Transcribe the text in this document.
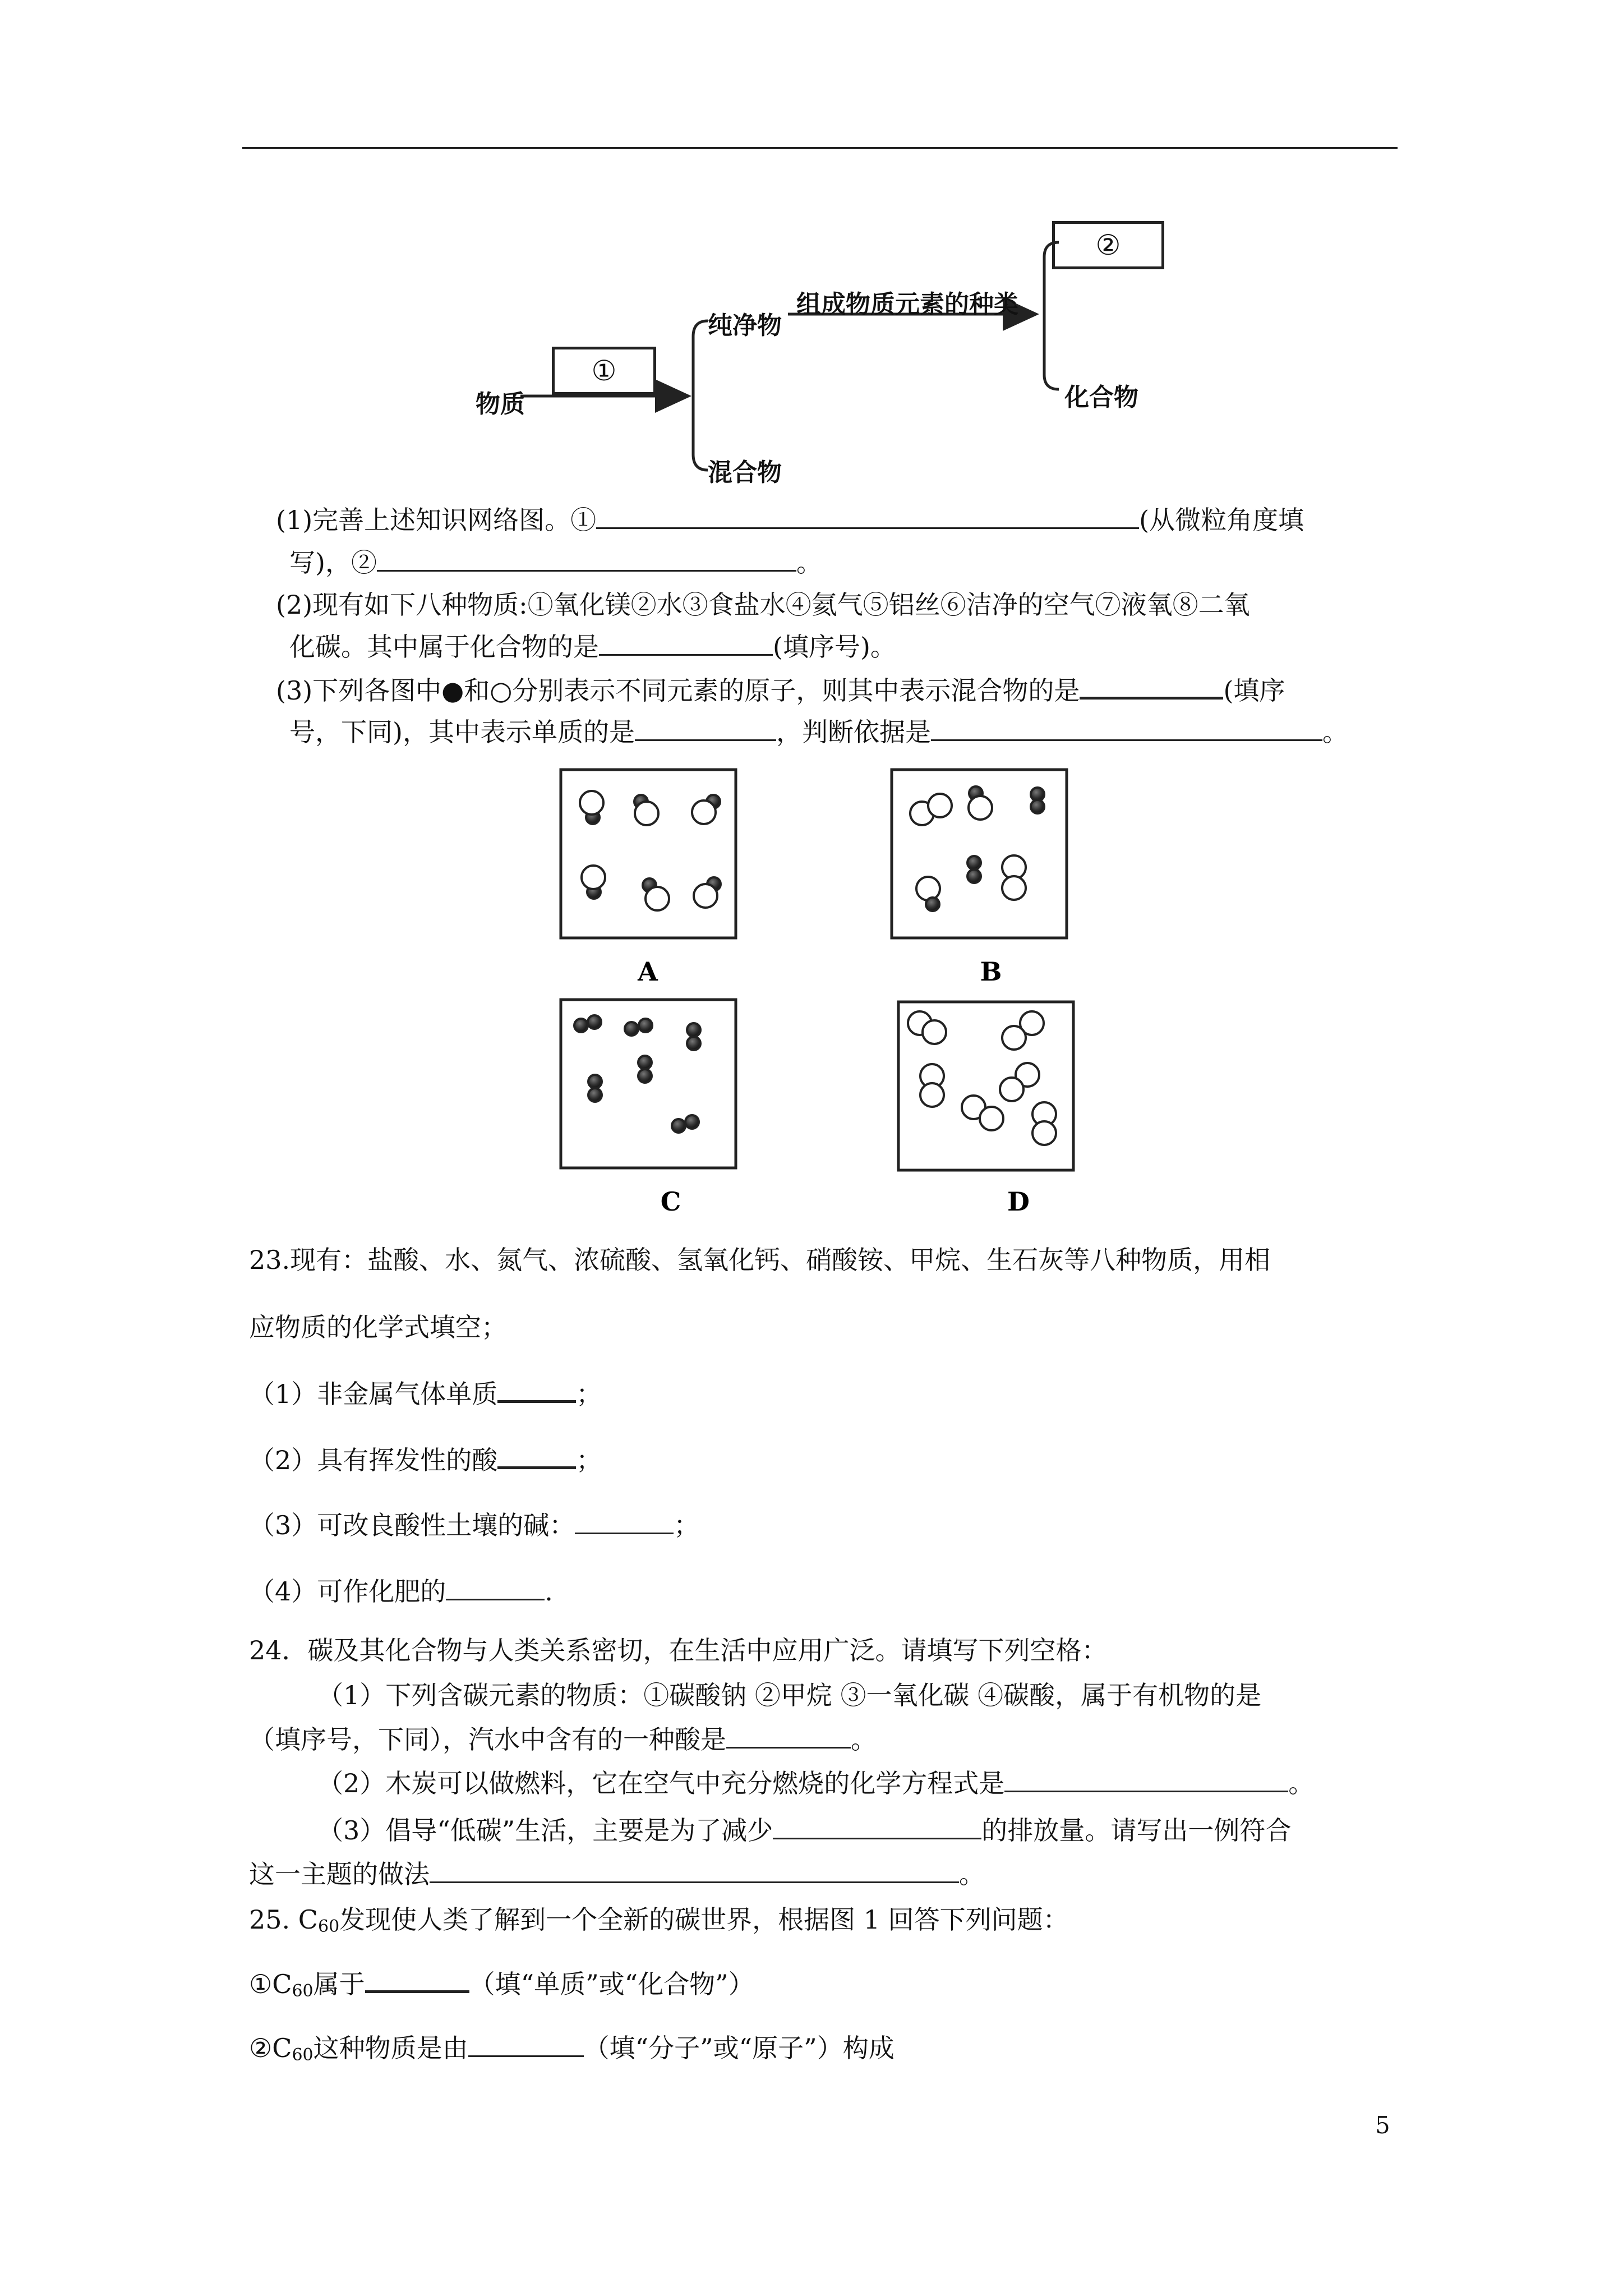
物质
①
纯净物
混合物
组成物质元素的种类
②
化合物
(1)完善上述知识网络图。①	(从微粒角度填
写)，②	。
(2)现有如下八种物质:①氧化镁②水③食盐水④氦气⑤铝丝⑥洁净的空气⑦液氧⑧二氧
化碳。其中属于化合物的是	(填序号)。
(3)下列各图中●和○分别表示不同元素的原子，则其中表示混合物的是	(填序
号，下同)，其中表示单质的是	，判断依据是	。
A	B
C	D
23.现有：盐酸、水、氮气、浓硫酸、氢氧化钙、硝酸铵、甲烷、生石灰等八种物质，用相
应物质的化学式填空；
（1）非金属气体单质	；
（2）具有挥发性的酸	；
（3）可改良酸性土壤的碱：	；
（4）可作化肥的	.
24．碳及其化合物与人类关系密切，在生活中应用广泛。请填写下列空格：
（1）下列含碳元素的物质：①碳酸钠 ②甲烷 ③一氧化碳 ④碳酸，属于有机物的是
（填序号，下同），汽水中含有的一种酸是	。
（2）木炭可以做燃料，它在空气中充分燃烧的化学方程式是	。
（3）倡导“低碳”生活，主要是为了减少	的排放量。请写出一例符合
这一主题的做法	。
25. $C_{60}$发现使人类了解到一个全新的碳世界，根据图 1 回答下列问题：
$①C_{60}$属于	（填“单质”或“化合物”）
$②C_{60}$这种物质是由	（填“分子”或“原子”）构成
5
